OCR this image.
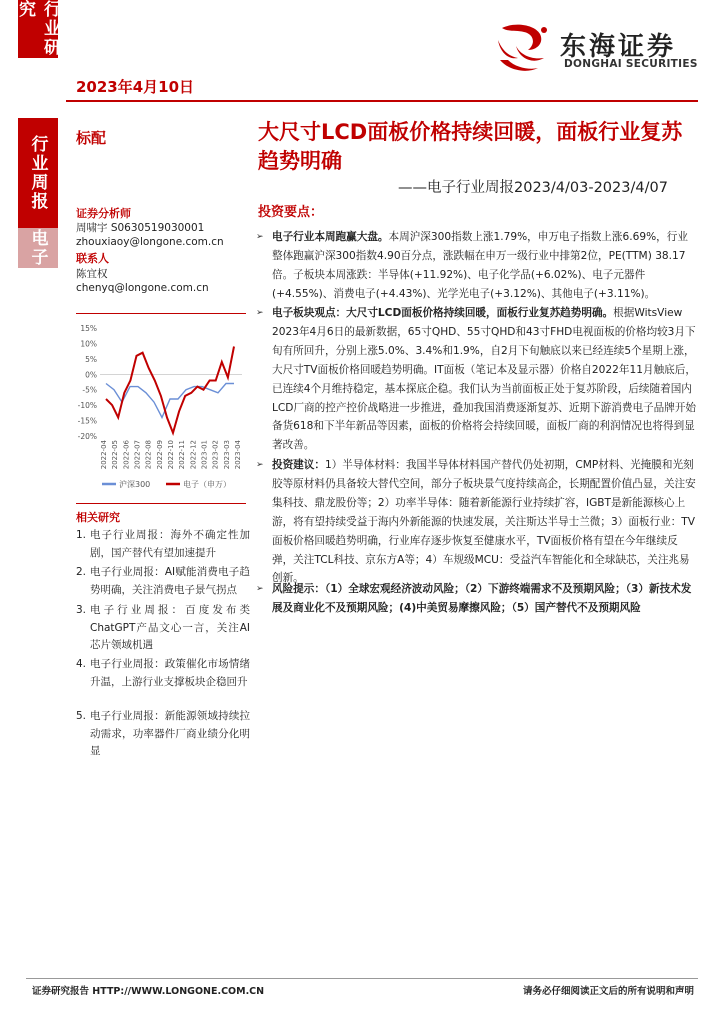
行业研究
行业周报
电子
2023年4月10日
东海证券
DONGHAI SECURITIES
标配	大尺寸LCD面板价格持续回暖，面板行业复苏趋势明确
——电子行业周报2023/4/03-2023/4/07
证券分析师
周啸宇 S0630519030001
zhouxiaoy@longone.com.cn
联系人
陈宜权
chenyq@longone.com.cn
15%
10%
5%
0%
-5%
-10%
-15%
-20%
2022-04 2022-05 2022-06 2022-07 2022-08 2022-09 2022-10 2022-11 2022-12 2023-01 2023-02 2023-03 2023-04
沪深300	电子（申万）
投资要点：
➢ 电子行业本周跑赢大盘。本周沪深300指数上涨1.79%，申万电子指数上涨6.69%，行业整体跑赢沪深300指数4.90百分点，涨跌幅在申万一级行业中排第2位，PE(TTM) 38.17倍。子板块本周涨跌：半导体(+11.92%)、电子化学品(+6.02%)、电子元器件(+4.55%)、消费电子(+4.43%)、光学光电子(+3.12%)、其他电子(+3.11%)。
➢ 电子板块观点：大尺寸LCD面板价格持续回暖，面板行业复苏趋势明确。根据WitsView 2023年4月6日的最新数据，65寸QHD、55寸QHD和43寸FHD电视面板的价格均较3月下旬有所回升，分别上涨5.0%、3.4%和1.9%，自2月下旬触底以来已经连续5个星期上涨，大尺寸TV面板价格回暖趋势明确。IT面板（笔记本及显示器）价格自2022年11月触底后，已连续4个月维持稳定，基本探底企稳。我们认为当前面板正处于复苏阶段，后续随着国内LCD厂商的控产控价战略进一步推进，叠加我国消费逐渐复苏、近期下游消费电子品牌开始备货618和下半年新品等因素，面板的价格将会持续回暖，面板厂商的利润情况也将得到显著改善。
➢ 投资建议：1）半导体材料：我国半导体材料国产替代仍处初期，CMP材料、光掩膜和光刻胶等原材料仍具备较大替代空间，部分子板块景气度持续高企，长期配置价值凸显，关注安集科技、鼎龙股份等；2）功率半导体：随着新能源行业持续扩容，IGBT是新能源核心上游，将有望持续受益于海内外新能源的快速发展，关注斯达半导士兰微；3）面板行业：TV面板价格回暖趋势明确，行业库存逐步恢复至健康水平，TV面板价格有望在今年继续反弹，关注TCL科技、京东方A等；4）车规级MCU：受益汽车智能化和全球缺芯，关注兆易创新。
➢ 风险提示：（1）全球宏观经济波动风险；（2）下游终端需求不及预期风险；（3）新技术发展及商业化不及预期风险；(4)中美贸易摩擦风险；（5）国产替代不及预期风险
相关研究
1. 电子行业周报：海外不确定性加剧，国产替代有望加速提升
2. 电子行业周报：AI赋能消费电子趋势明确，关注消费电子景气拐点
3. 电子行业周报：百度发布类ChatGPT产品文心一言，关注AI芯片领域机遇
4. 电子行业周报：政策催化市场情绪升温，上游行业支撑板块企稳回升
5. 电子行业周报：新能源领域持续拉动需求，功率器件厂商业绩分化明显
证券研究报告 HTTP://WWW.LONGONE.COM.CN	请务必仔细阅读正文后的所有说明和声明
